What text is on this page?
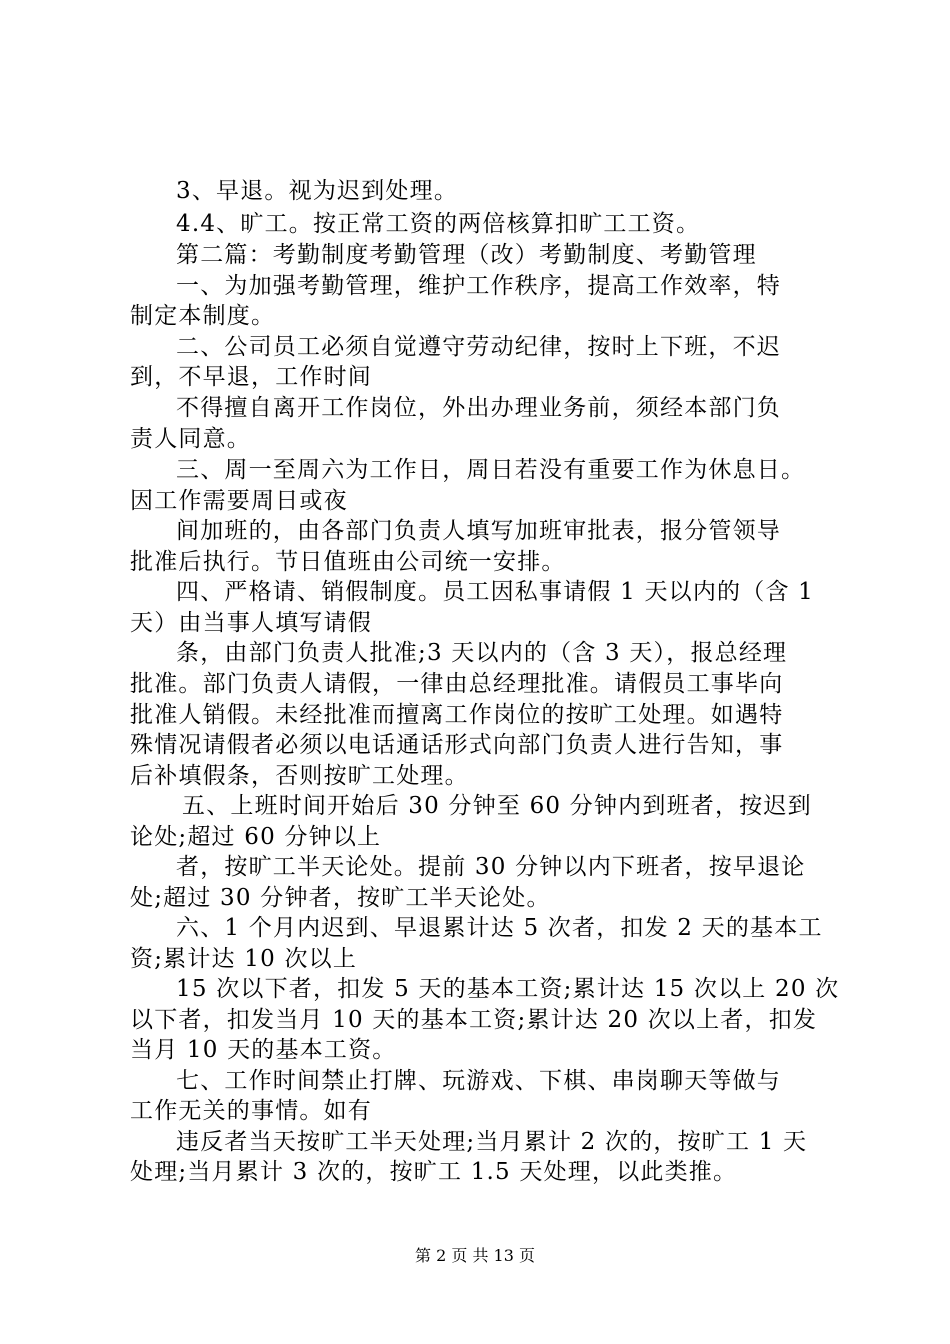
3、早退。视为迟到处理。
4.4、旷工。按正常工资的两倍核算扣旷工工资。
第二篇：考勤制度考勤管理（改）考勤制度、考勤管理
一、为加强考勤管理，维护工作秩序，提高工作效率，特
制定本制度。
二、公司员工必须自觉遵守劳动纪律，按时上下班，不迟
到，不早退，工作时间
不得擅自离开工作岗位，外出办理业务前，须经本部门负
责人同意。
三、周一至周六为工作日，周日若没有重要工作为休息日。
因工作需要周日或夜
间加班的，由各部门负责人填写加班审批表，报分管领导
批准后执行。节日值班由公司统一安排。
四、严格请、销假制度。员工因私事请假 1 天以内的（含 1
天）由当事人填写请假
条，由部门负责人批准;3 天以内的（含 3 天），报总经理
批准。部门负责人请假，一律由总经理批准。请假员工事毕向
批准人销假。未经批准而擅离工作岗位的按旷工处理。如遇特
殊情况请假者必须以电话通话形式向部门负责人进行告知，事
后补填假条，否则按旷工处理。
五、上班时间开始后 30 分钟至 60 分钟内到班者，按迟到
论处;超过 60 分钟以上
者，按旷工半天论处。提前 30 分钟以内下班者，按早退论
处;超过 30 分钟者，按旷工半天论处。
六、1 个月内迟到、早退累计达 5 次者，扣发 2 天的基本工
资;累计达 10 次以上
15 次以下者，扣发 5 天的基本工资;累计达 15 次以上 20 次
以下者，扣发当月 10 天的基本工资;累计达 20 次以上者，扣发
当月 10 天的基本工资。
七、工作时间禁止打牌、玩游戏、下棋、串岗聊天等做与
工作无关的事情。如有
违反者当天按旷工半天处理;当月累计 2 次的，按旷工 1 天
处理;当月累计 3 次的，按旷工 1.5 天处理，以此类推。
第 2 页 共 13 页
